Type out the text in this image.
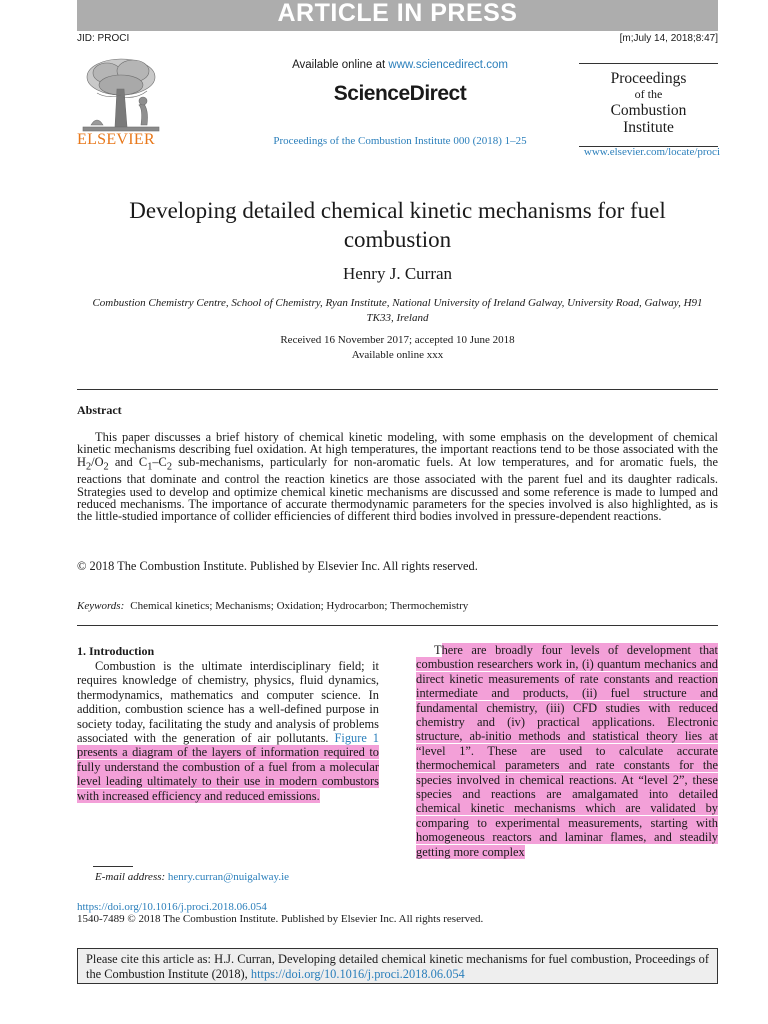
ARTICLE IN PRESS
JID: PROCI	[m;July 14, 2018;8:47]
ELSEVIER
Available online at www.sciencedirect.com
ScienceDirect
Proceedings of the Combustion Institute 000 (2018) 1–25
Proceedings
of the
Combustion
Institute
www.elsevier.com/locate/proci
Developing detailed chemical kinetic mechanisms for fuel combustion
Henry J. Curran
Combustion Chemistry Centre, School of Chemistry, Ryan Institute, National University of Ireland Galway, University Road, Galway, H91 TK33, Ireland
Received 16 November 2017; accepted 10 June 2018
Available online xxx
Abstract
This paper discusses a brief history of chemical kinetic modeling, with some emphasis on the development of chemical kinetic mechanisms describing fuel oxidation. At high temperatures, the important reactions tend to be those associated with the $H_2/O_2$ and $C_1-C_2$ sub-mechanisms, particularly for non-aromatic fuels. At low temperatures, and for aromatic fuels, the reactions that dominate and control the reaction kinetics are those associated with the parent fuel and its daughter radicals. Strategies used to develop and optimize chemical kinetic mechanisms are discussed and some reference is made to lumped and reduced mechanisms. The importance of accurate thermodynamic parameters for the species involved is also highlighted, as is the little-studied importance of collider efficiencies of different third bodies involved in pressure-dependent reactions.
© 2018 The Combustion Institute. Published by Elsevier Inc. All rights reserved.
Keywords: Chemical kinetics; Mechanisms; Oxidation; Hydrocarbon; Thermochemistry
1. Introduction
Combustion is the ultimate interdisciplinary field; it requires knowledge of chemistry, physics, fluid dynamics, thermodynamics, mathematics and computer science. In addition, combustion science has a well-defined purpose in society today, facilitating the study and analysis of problems associated with the generation of air pollutants. Figure 1 presents a diagram of the layers of information required to fully understand the combustion of a fuel from a molecular level leading ultimately to their use in modern combustors with increased efficiency and reduced emissions.
There are broadly four levels of development that combustion researchers work in, (i) quantum mechanics and direct kinetic measurements of rate constants and reaction intermediate and products, (ii) fuel structure and fundamental chemistry, (iii) CFD studies with reduced chemistry and (iv) practical applications. Electronic structure, ab-initio methods and statistical theory lies at “level 1”. These are used to calculate accurate thermochemical parameters and rate constants for the species involved in chemical reactions. At “level 2”, these species and reactions are amalgamated into detailed chemical kinetic mechanisms which are validated by comparing to experimental measurements, starting with homogeneous reactors and laminar flames, and steadily getting more complex
E-mail address: henry.curran@nuigalway.ie
https://doi.org/10.1016/j.proci.2018.06.054
1540-7489 © 2018 The Combustion Institute. Published by Elsevier Inc. All rights reserved.
Please cite this article as: H.J. Curran, Developing detailed chemical kinetic mechanisms for fuel combustion, Proceedings of the Combustion Institute (2018), https://doi.org/10.1016/j.proci.2018.06.054
